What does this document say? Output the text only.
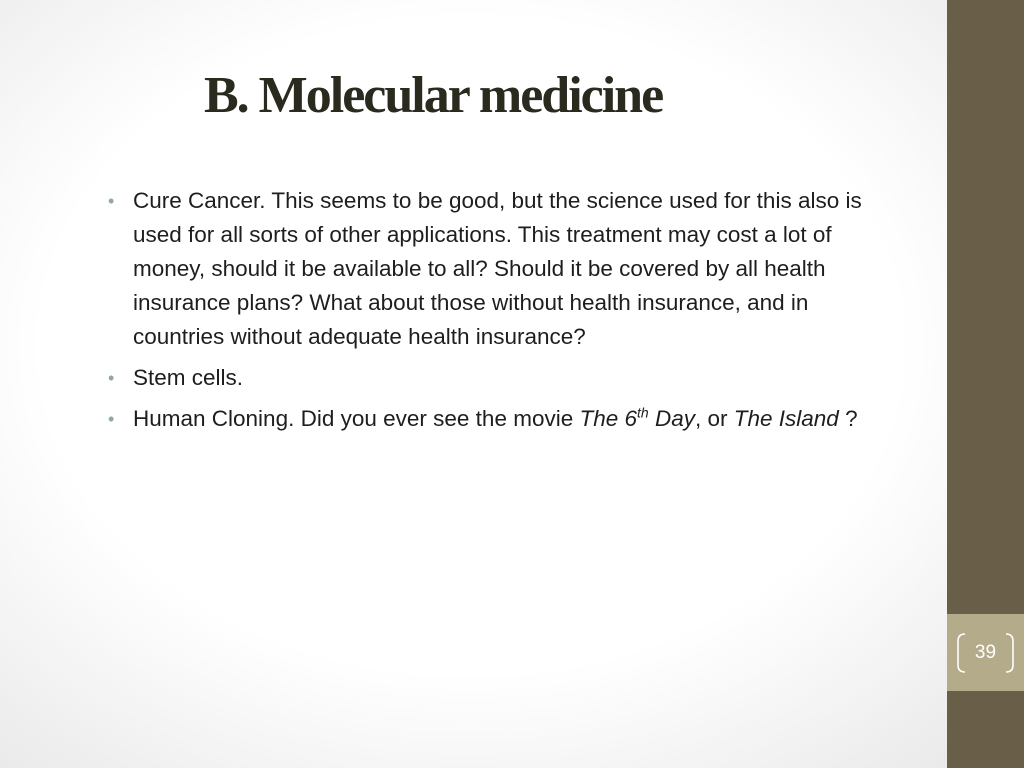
B. Molecular medicine
• Cure Cancer. This seems to be good, but the science used for this also is used for all sorts of other applications. This treatment may cost a lot of money, should it be available to all? Should it be covered by all health insurance plans? What about those without health insurance, and in countries without adequate health insurance?
• Stem cells.
• Human Cloning. Did you ever see the movie The 6th Day, or The Island ?
39
